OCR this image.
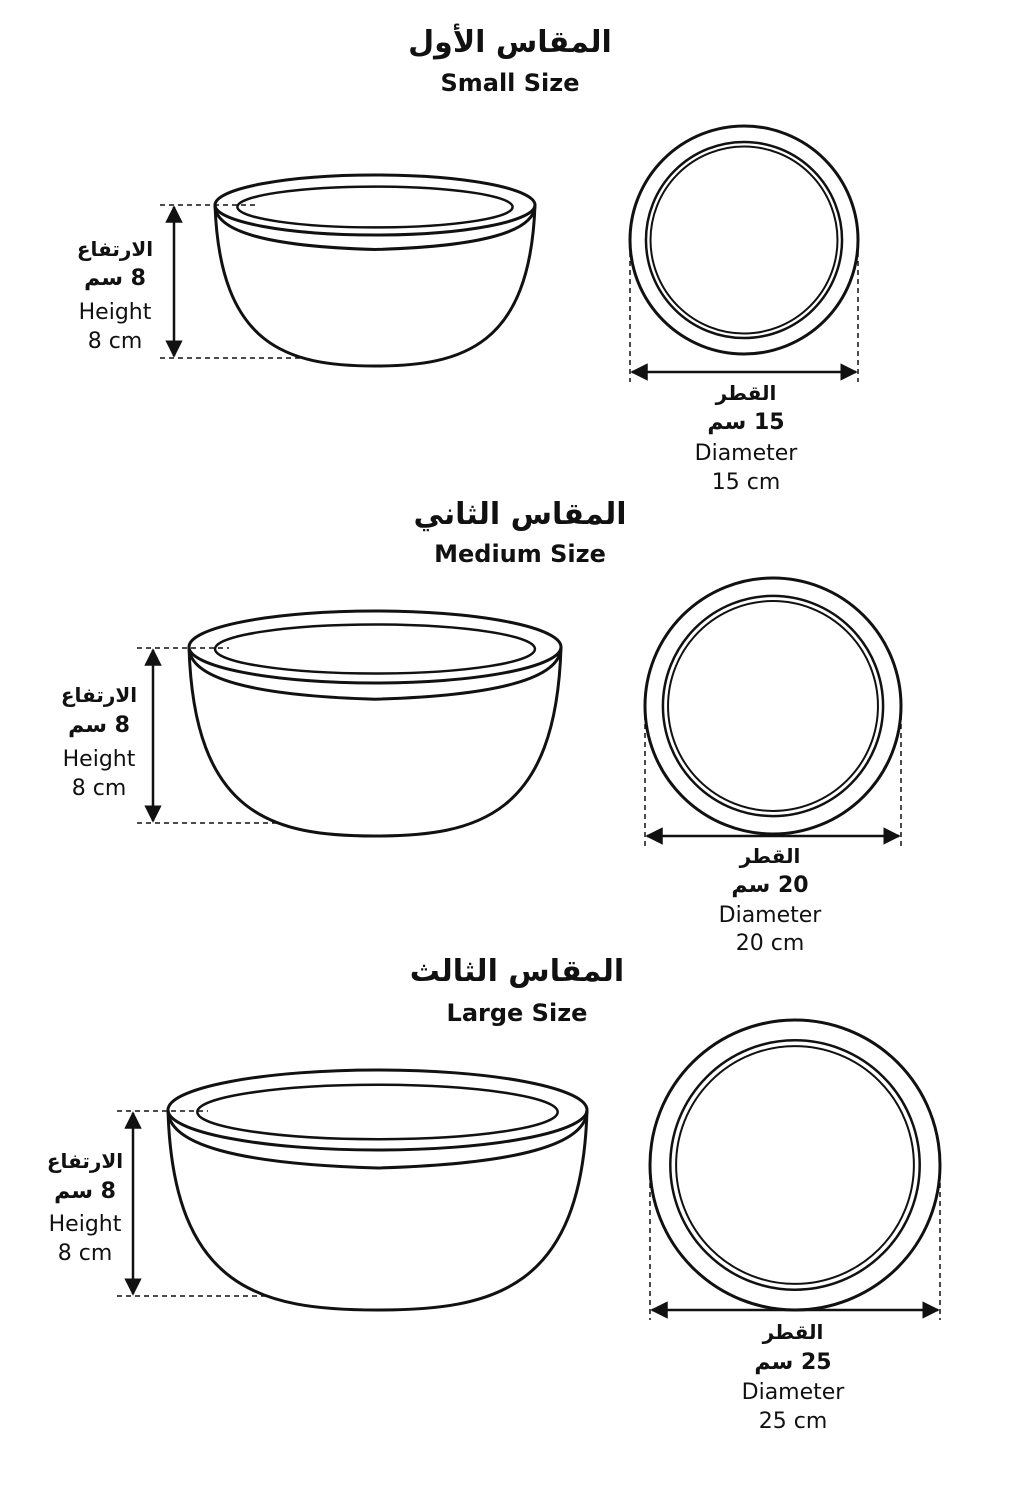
المقاس الأول
Small Size
الارتفاع
8 سم
Height
8 cm
القطر
15 سم
Diameter
15 cm
المقاس الثاني
Medium Size
الارتفاع
8 سم
Height
8 cm
القطر
20 سم
Diameter
20 cm
المقاس الثالث
Large Size
الارتفاع
8 سم
Height
8 cm
القطر
25 سم
Diameter
25 cm
